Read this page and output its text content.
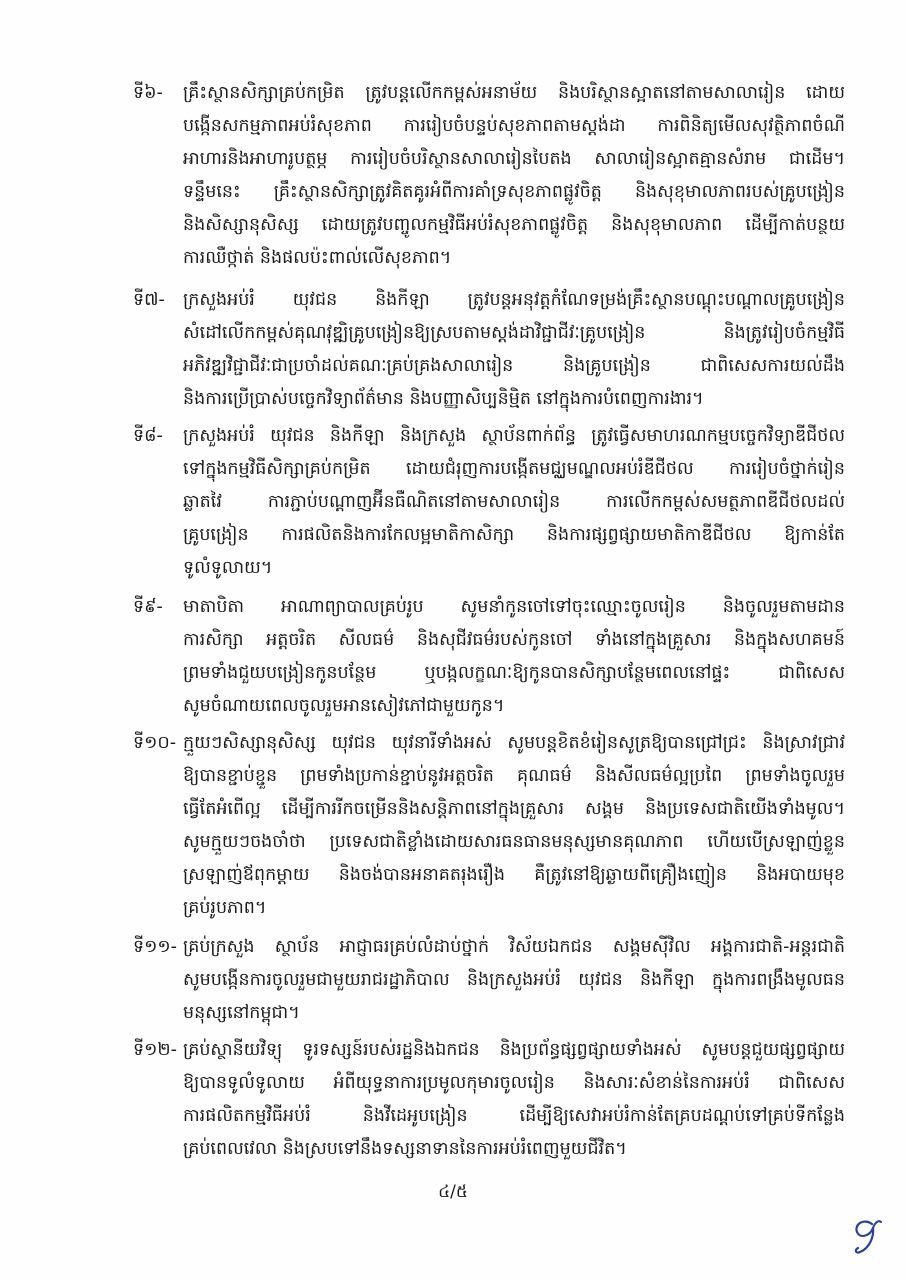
ទី៦- គ្រឹះស្ថានសិក្សាគ្រប់កម្រិត ត្រូវបន្តលើកកម្ពស់អនាម័យ និងបរិស្ថានស្អាតនៅតាមសាលារៀន ដោយ
បង្កើនសកម្មភាពអប់រំសុខភាព ការរៀបចំបន្ទប់សុខភាពតាមស្តង់ដា ការពិនិត្យមើលសុវត្ថិភាពចំណី
អាហារនិងអាហារូបត្ថម្ភ ការរៀបចំបរិស្ថានសាលារៀនបៃតង សាលារៀនស្អាតគ្មានសំរាម ជាដើម។
ទន្ទឹមនេះ គ្រឹះស្ថានសិក្សាត្រូវគិតគូរអំពីការគាំទ្រសុខភាពផ្លូវចិត្ត និងសុខុមាលភាពរបស់គ្រូបង្រៀន
និងសិស្សានុសិស្ស ដោយត្រូវបញ្ចូលកម្មវិធីអប់រំសុខភាពផ្លូវចិត្ត និងសុខុមាលភាព ដើម្បីកាត់បន្ថយ
ការឈឺថ្កាត់ និងផលប៉ះពាល់លើសុខភាព។
ទី៧- ក្រសួងអប់រំ យុវជន និងកីឡា ត្រូវបន្តអនុវត្តកំណែទម្រង់គ្រឹះស្ថានបណ្តុះបណ្តាលគ្រូបង្រៀន
សំដៅលើកកម្ពស់គុណវុឌ្ឍិគ្រូបង្រៀនឱ្យស្របតាមស្តង់ដាវិជ្ជាជីវៈគ្រូបង្រៀន និងត្រូវរៀបចំកម្មវិធី
អភិវឌ្ឍវិជ្ជាជីវៈជាប្រចាំដល់គណៈគ្រប់គ្រងសាលារៀន និងគ្រូបង្រៀន ជាពិសេសការយល់ដឹង
និងការប្រើប្រាស់បច្ចេកវិទ្យាព័ត៌មាន និងបញ្ញាសិប្បនិម្មិត នៅក្នុងការបំពេញការងារ។
ទី៨- ក្រសួងអប់រំ យុវជន និងកីឡា និងក្រសួង ស្ថាប័នពាក់ព័ន្ធ ត្រូវធ្វើសមាហរណកម្មបច្ចេកវិទ្យាឌីជីថល
ទៅក្នុងកម្មវិធីសិក្សាគ្រប់កម្រិត ដោយជំរុញការបង្កើតមជ្ឈមណ្ឌលអប់រំឌីជីថល ការរៀបចំថ្នាក់រៀន
ឆ្លាតវៃ ការភ្ជាប់បណ្តាញអ៊ីនធឺណិតនៅតាមសាលារៀន ការលើកកម្ពស់សមត្ថភាពឌីជីថលដល់
គ្រូបង្រៀន ការផលិតនិងការកែលម្អមាតិកាសិក្សា និងការផ្សព្វផ្សាយមាតិកាឌីជីថល ឱ្យកាន់តែ
ទូលំទូលាយ។
ទី៩- មាតាបិតា អាណាព្យាបាលគ្រប់រូប សូមនាំកូនចៅទៅចុះឈ្មោះចូលរៀន និងចូលរួមតាមដាន
ការសិក្សា អត្តចរិត សីលធម៌ និងសុជីវធម៌របស់កូនចៅ ទាំងនៅក្នុងគ្រួសារ និងក្នុងសហគមន៍
ព្រមទាំងជួយបង្រៀនកូនបន្ថែម ឬបង្កលក្ខណៈឱ្យកូនបានសិក្សាបន្ថែមពេលនៅផ្ទះ ជាពិសេស
សូមចំណាយពេលចូលរួមអានសៀវភៅជាមួយកូន។
ទី១០- ក្មួយៗសិស្សានុសិស្ស យុវជន យុវនារីទាំងអស់ សូមបន្តខិតខំរៀនសូត្រឱ្យបានជ្រៅជ្រះ និងស្រាវជ្រាវ
ឱ្យបានខ្ជាប់ខ្ជួន ព្រមទាំងប្រកាន់ខ្ជាប់នូវអត្តចរិត គុណធម៌ និងសីលធម៌ល្អប្រពៃ ព្រមទាំងចូលរួម
ធ្វើតែអំពើល្អ ដើម្បីការរីកចម្រើននិងសន្តិភាពនៅក្នុងគ្រួសារ សង្គម និងប្រទេសជាតិយើងទាំងមូល។
សូមក្មួយៗចងចាំថា ប្រទេសជាតិខ្លាំងដោយសារធនធានមនុស្សមានគុណភាព ហើយបើស្រឡាញ់ខ្លួន
ស្រឡាញ់ឪពុកម្តាយ និងចង់បានអនាគតរុងរឿង គឺត្រូវនៅឱ្យឆ្ងាយពីគ្រឿងញៀន និងអបាយមុខ
គ្រប់រូបភាព។
ទី១១- គ្រប់ក្រសួង ស្ថាប័ន អាជ្ញាធរគ្រប់លំដាប់ថ្នាក់ វិស័យឯកជន សង្គមស៊ីវិល អង្គការជាតិ-អន្តរជាតិ
សូមបង្កើនការចូលរួមជាមួយរាជរដ្ឋាភិបាល និងក្រសួងអប់រំ យុវជន និងកីឡា ក្នុងការពង្រឹងមូលធន
មនុស្សនៅកម្ពុជា។
ទី១២- គ្រប់ស្ថានីយវិទ្យុ ទូរទស្សន៍របស់រដ្ឋនិងឯកជន និងប្រព័ន្ធផ្សព្វផ្សាយទាំងអស់ សូមបន្តជួយផ្សព្វផ្សាយ
ឱ្យបានទូលំទូលាយ អំពីយុទ្ធនាការប្រមូលកុមារចូលរៀន និងសារៈសំខាន់នៃការអប់រំ ជាពិសេស
ការផលិតកម្មវិធីអប់រំ និងវីដេអូបង្រៀន ដើម្បីឱ្យសេវាអប់រំកាន់តែគ្របដណ្តប់ទៅគ្រប់ទីកន្លែង
គ្រប់ពេលវេលា និងស្របទៅនឹងទស្សនាទាននៃការអប់រំពេញមួយជីវិត។
៤/៥
